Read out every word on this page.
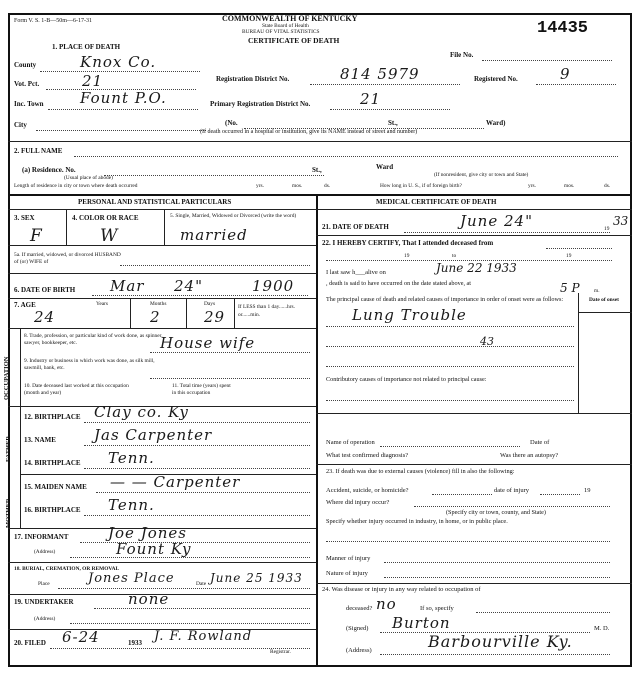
Form V. S. 1-B—50m—6-17-31	COMMONWEALTH OF KENTUCKY
State Board of Health
BUREAU OF VITAL STATISTICS
CERTIFICATE OF DEATH
14435
1. PLACE OF DEATH
County	Knox Co.	File No.
Vot. Pct.	21	Registration District No.	814 5979	Registered No.	9
Inc. Town Fount P.O.	Primary Registration District No.	21
City	(No.	St.,	Ward)
(If death occurred in a hospital or institution, give its NAME instead of street and number)
2. FULL NAME
(a) Residence. No.
(Usual place of abode)
St.,	Ward
(If nonresident, give city or town and State)
Length of residence in city or town where death occurred	yrs.	mos.	ds.	How long in U. S., if of foreign birth?	yrs.	mos.	ds.
PERSONAL AND STATISTICAL PARTICULARS	MEDICAL CERTIFICATE OF DEATH
3. SEX
F
4. COLOR OR RACE
W
5. Single, Married, Widowed or Divorced (write the word)
married
5a. If married, widowed, or divorced HUSBAND of (or) WIFE of
6. DATE OF BIRTH Mar 24"	1900
7. AGE	Years	Months	Days
24	2	29
If LESS than 1 day......hrs. or......min.
OCCUPATION
8. Trade, profession, or particular kind of work done, as spinner, sawyer, bookkeeper, etc.	House wife
9. Industry or business in which work was done, as silk mill, sawmill, bank, etc.
10. Date deceased last worked at this occupation (month and year)
11. Total time (years) spent in this occupation
FATHER
MOTHER
12. BIRTHPLACE Clay co. Ky
13. NAME	Jas Carpenter
14. BIRTHPLACE Tenn.
15. MAIDEN NAME — — Carpenter
16. BIRTHPLACE Tenn.
17. INFORMANT	Joe Jones
(Address)	Fount Ky
18. BURIAL, CREMATION, OR REMOVAL
Place	Jones Place	June 25 1933
Date
19. UNDERTAKER	none
(Address)
20. FILED 6-24	1933 J. F. Rowland
Registrar.
21. DATE OF DEATH	June 24"	19
33
22. I HEREBY CERTIFY, That I attended deceased from
19	to	19
I last saw h___alive on	June 22 1933
, death is said to have occurred on the date stated above, at	5 P	m.
The principal cause of death and related causes of importance in order of onset were as follows:	Date of onset
Lung Trouble
43
Contributory causes of importance not related to principal cause:
Name of operation	Date of
What test confirmed diagnosis?	Was there an autopsy?
23. If death was due to external causes (violence) fill in also the following:
Accident, suicide, or homicide?	date of injury	19
Where did injury occur?
(Specify city or town, county, and State)
Specify whether injury occurred in industry, in home, or in public place.
Manner of injury
Nature of injury
24. Was disease or injury in any way related to occupation of
deceased? no	If so, specify
(Signed) Burton	M. D.
(Address)	Barbourville Ky.
